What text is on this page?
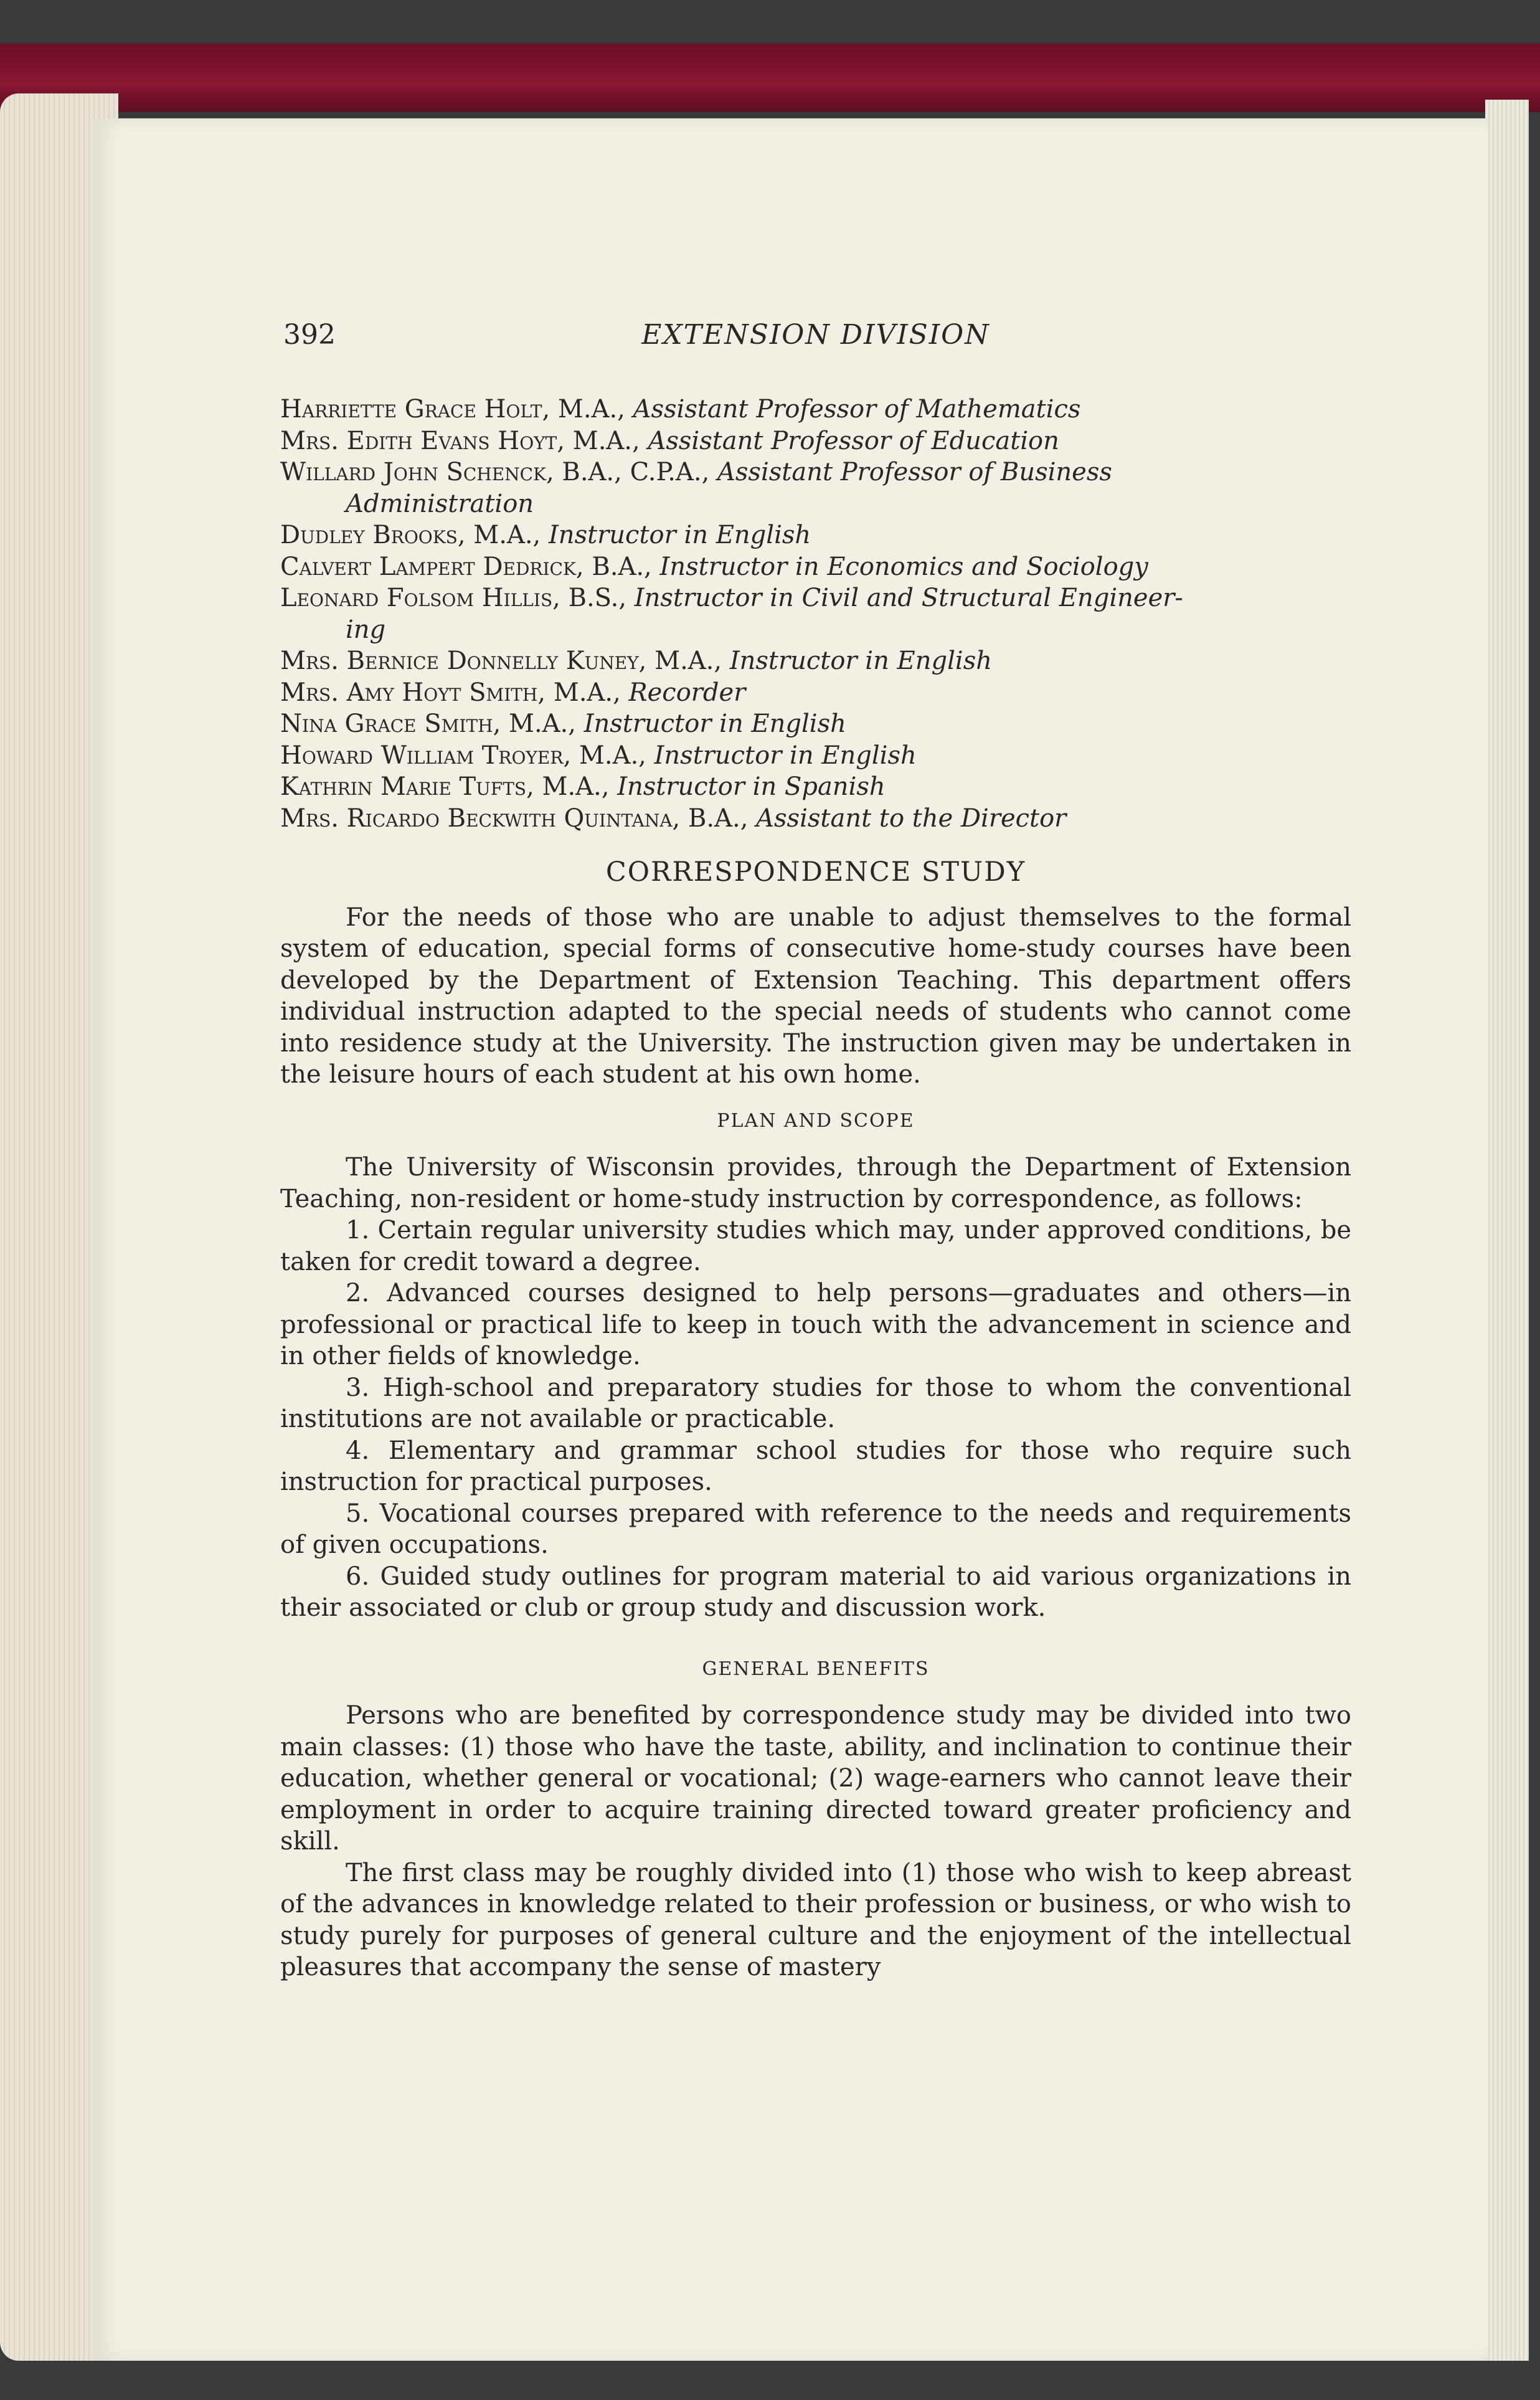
392	EXTENSION DIVISION
Harriette Grace Holt, M.A., Assistant Professor of Mathematics
Mrs. Edith Evans Hoyt, M.A., Assistant Professor of Education
Willard John Schenck, B.A., C.P.A., Assistant Professor of Business
Administration
Dudley Brooks, M.A., Instructor in English
Calvert Lampert Dedrick, B.A., Instructor in Economics and Sociology
Leonard Folsom Hillis, B.S., Instructor in Civil and Structural Engineer-
ing
Mrs. Bernice Donnelly Kuney, M.A., Instructor in English
Mrs. Amy Hoyt Smith, M.A., Recorder
Nina Grace Smith, M.A., Instructor in English
Howard William Troyer, M.A., Instructor in English
Kathrin Marie Tufts, M.A., Instructor in Spanish
Mrs. Ricardo Beckwith Quintana, B.A., Assistant to the Director
CORRESPONDENCE STUDY

For the needs of those who are unable to adjust themselves to the formal system of education, special forms of consecutive home-study courses have been developed by the Department of Extension Teaching. This department offers individual instruction adapted to the special needs of students who cannot come into residence study at the University. The instruction given may be undertaken in the leisure hours of each student at his own home.

PLAN AND SCOPE

The University of Wisconsin provides, through the Department of Extension Teaching, non-resident or home-study instruction by correspondence, as follows:

1. Certain regular university studies which may, under approved conditions, be taken for credit toward a degree.

2. Advanced courses designed to help persons—graduates and others—in professional or practical life to keep in touch with the advancement in science and in other fields of knowledge.

3. High-school and preparatory studies for those to whom the conventional institutions are not available or practicable.

4. Elementary and grammar school studies for those who require such instruction for practical purposes.

5. Vocational courses prepared with reference to the needs and requirements of given occupations.

6. Guided study outlines for program material to aid various organizations in their associated or club or group study and discussion work.

GENERAL BENEFITS

Persons who are benefited by correspondence study may be divided into two main classes: (1) those who have the taste, ability, and inclination to continue their education, whether general or vocational; (2) wage-earners who cannot leave their employment in order to acquire training directed toward greater proficiency and skill.

The first class may be roughly divided into (1) those who wish to keep abreast of the advances in knowledge related to their profession or business, or who wish to study purely for purposes of general culture and the enjoyment of the intellectual pleasures that accompany the sense of mastery
